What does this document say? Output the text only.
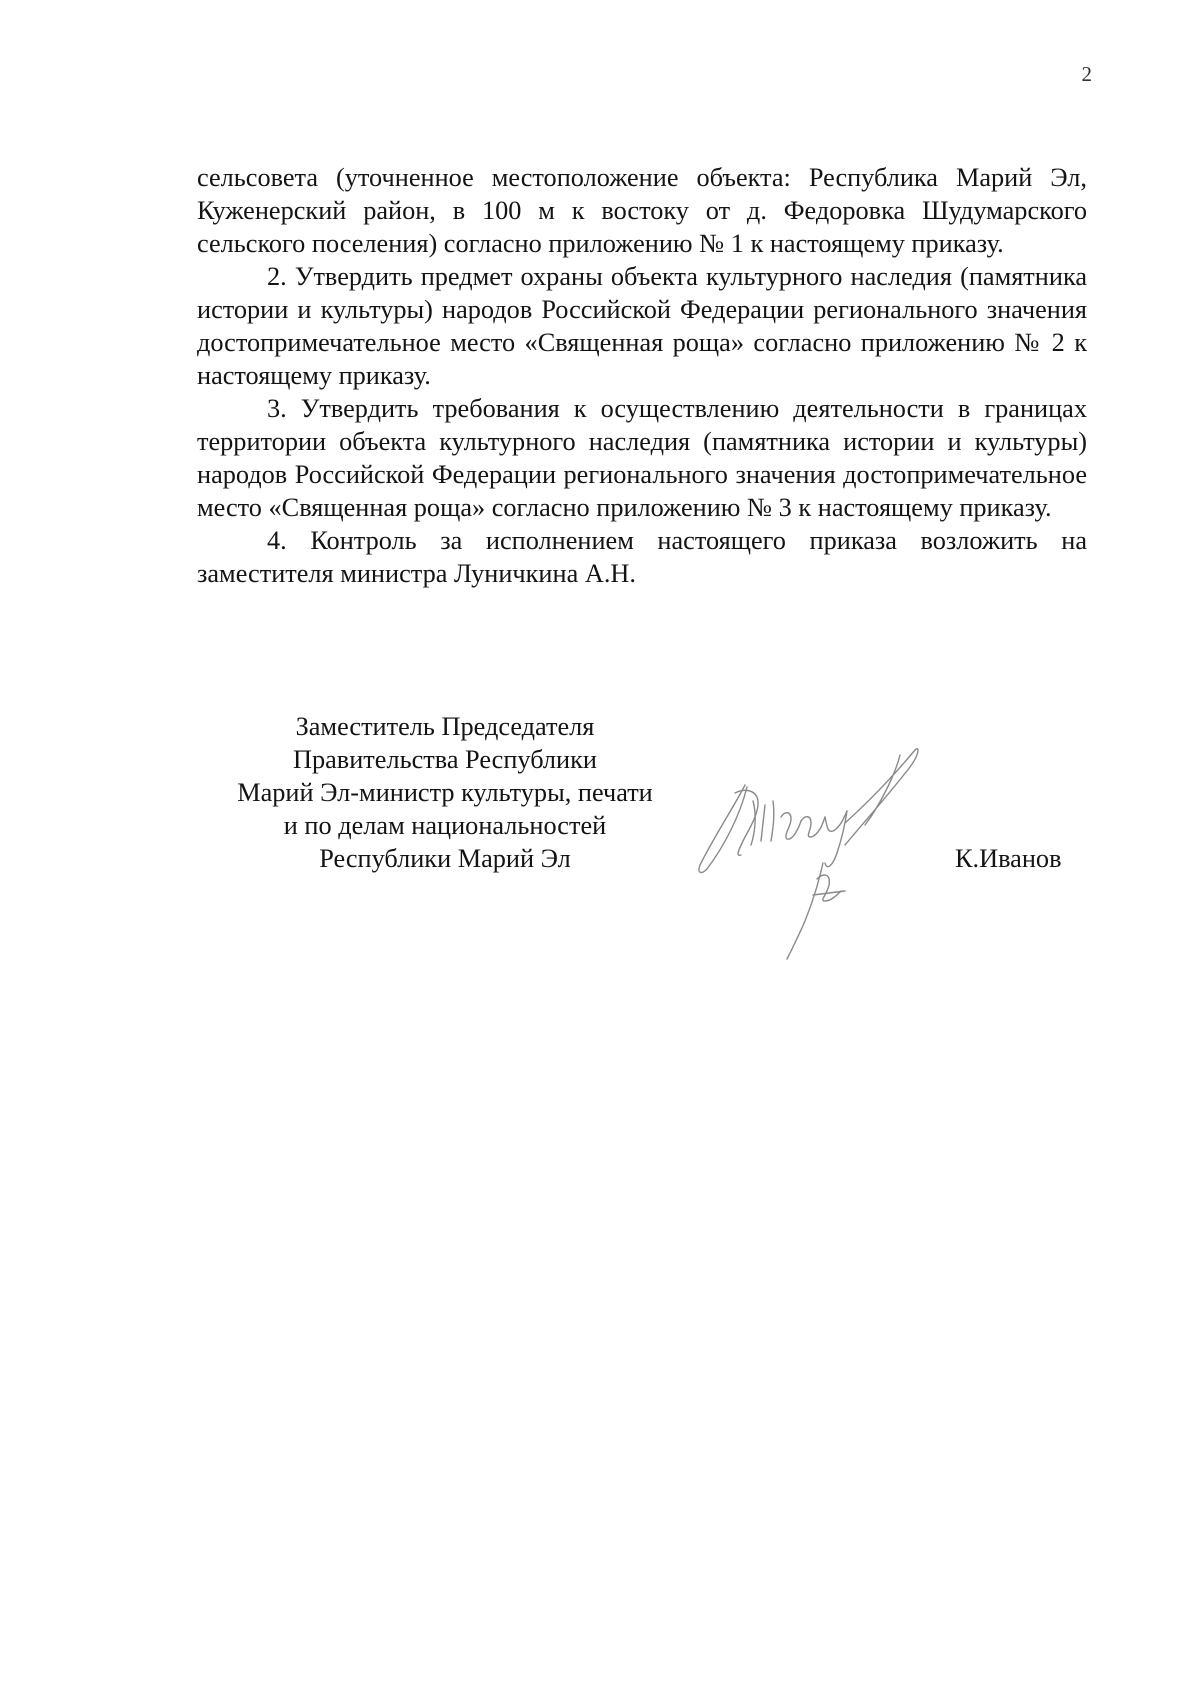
2

сельсовета (уточненное местоположение объекта: Республика Марий Эл, Куженерский район, в 100 м к востоку от д. Федоровка Шудумарского сельского поселения) согласно приложению № 1 к настоящему приказу.

2. Утвердить предмет охраны объекта культурного наследия (памятника истории и культуры) народов Российской Федерации регионального значения достопримечательное место «Священная роща» согласно приложению № 2 к настоящему приказу.

3. Утвердить требования к осуществлению деятельности в границах территории объекта культурного наследия (памятника истории и культуры) народов Российской Федерации регионального значения достопримечательное место «Священная роща» согласно приложению № 3 к настоящему приказу.

4. Контроль за исполнением настоящего приказа возложить на заместителя министра Луничкина А.Н.

Заместитель Председателя
Правительства Республики
Марий Эл-министр культуры, печати
и по делам национальностей
Республики Марий Эл	К.Иванов
